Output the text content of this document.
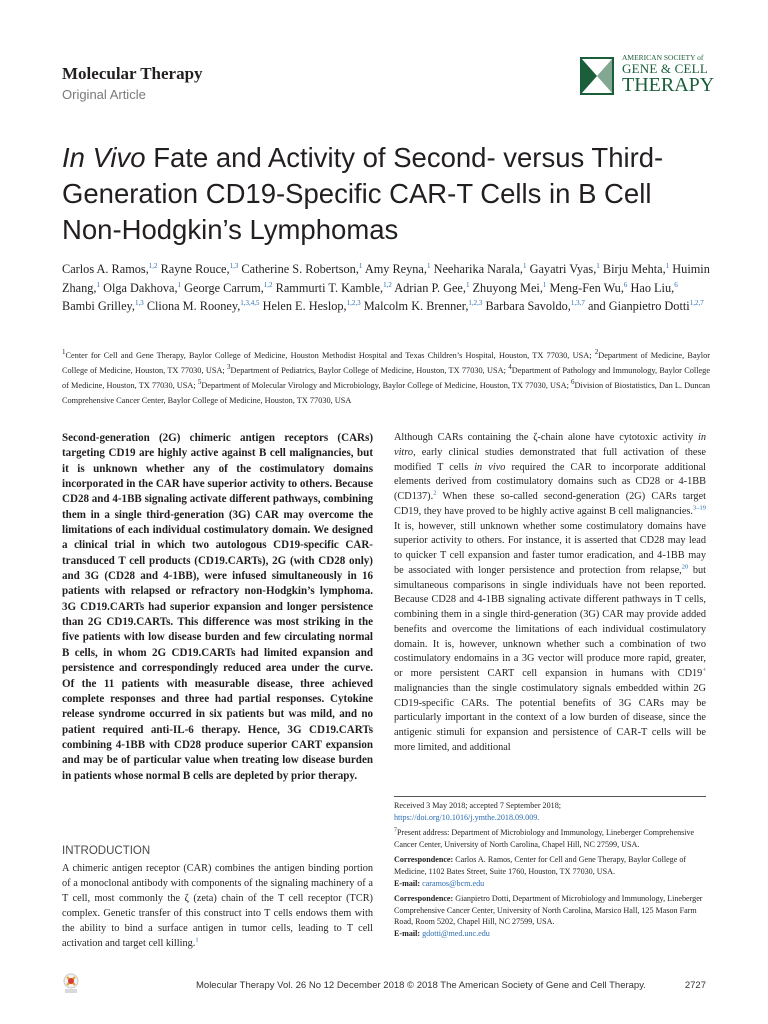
Molecular Therapy
Original Article
AMERICAN SOCIETY of
GENE & CELL
THERAPY
In Vivo Fate and Activity of Second- versus Third-Generation CD19-Specific CAR-T Cells in B Cell Non-Hodgkin’s Lymphomas
Carlos A. Ramos,$^{1,2}$ Rayne Rouce,$^{1,3}$ Catherine S. Robertson,$^1$ Amy Reyna,$^1$ Neeharika Narala,$^1$ Gayatri Vyas,$^1$ Birju Mehta,$^1$ Huimin Zhang,$^1$ Olga Dakhova,$^1$ George Carrum,$^{1,2}$ Rammurti T. Kamble,$^{1,2}$ Adrian P. Gee,$^1$ Zhuyong Mei,$^1$ Meng-Fen Wu,$^6$ Hao Liu,$^6$ Bambi Grilley,$^{1,3}$ Cliona M. Rooney,$^{1,3,4,5}$ Helen E. Heslop,$^{1,2,3}$ Malcolm K. Brenner,$^{1,2,3}$ Barbara Savoldo,$^{1,3,7}$ and Gianpietro Dotti$^{1,2,7}$
$^1$Center for Cell and Gene Therapy, Baylor College of Medicine, Houston Methodist Hospital and Texas Children’s Hospital, Houston, TX 77030, USA; $^2$Department of Medicine, Baylor College of Medicine, Houston, TX 77030, USA; $^3$Department of Pediatrics, Baylor College of Medicine, Houston, TX 77030, USA; $^4$Department of Pathology and Immunology, Baylor College of Medicine, Houston, TX 77030, USA; $^5$Department of Molecular Virology and Microbiology, Baylor College of Medicine, Houston, TX 77030, USA; $^6$Division of Biostatistics, Dan L. Duncan Comprehensive Cancer Center, Baylor College of Medicine, Houston, TX 77030, USA

Second-generation (2G) chimeric antigen receptors (CARs) targeting CD19 are highly active against B cell malignancies, but it is unknown whether any of the costimulatory domains incorporated in the CAR have superior activity to others. Because CD28 and 4-1BB signaling activate different pathways, combining them in a single third-generation (3G) CAR may overcome the limitations of each individual costimulatory domain. We designed a clinical trial in which two autologous CD19-specific CAR-transduced T cell products (CD19.CARTs), 2G (with CD28 only) and 3G (CD28 and 4-1BB), were infused simultaneously in 16 patients with relapsed or refractory non-Hodgkin’s lymphoma. 3G CD19.CARTs had superior expansion and longer persistence than 2G CD19.CARTs. This difference was most striking in the five patients with low disease burden and few circulating normal B cells, in whom 2G CD19.CARTs had limited expansion and persistence and correspondingly reduced area under the curve. Of the 11 patients with measurable disease, three achieved complete responses and three had partial responses. Cytokine release syndrome occurred in six patients but was mild, and no patient required anti-IL-6 therapy. Hence, 3G CD19.CARTs combining 4-1BB with CD28 produce superior CART expansion and may be of particular value when treating low disease burden in patients whose normal B cells are depleted by prior therapy.

INTRODUCTION

A chimeric antigen receptor (CAR) combines the antigen binding portion of a monoclonal antibody with components of the signaling machinery of a T cell, most commonly the ζ (zeta) chain of the T cell receptor (TCR) complex. Genetic transfer of this construct into T cells endows them with the ability to bind a surface antigen in tumor cells, leading to T cell activation and target cell killing.$^1$

Although CARs containing the ζ-chain alone have cytotoxic activity in vitro, early clinical studies demonstrated that full activation of these modified T cells in vivo required the CAR to incorporate additional elements derived from costimulatory domains such as CD28 or 4-1BB (CD137).$^2$ When these so-called second-generation (2G) CARs target CD19, they have proved to be highly active against B cell malignancies.$^{3-19}$ It is, however, still unknown whether some costimulatory domains have superior activity to others. For instance, it is asserted that CD28 may lead to quicker T cell expansion and faster tumor eradication, and 4-1BB may be associated with longer persistence and protection from relapse,$^{20}$ but simultaneous comparisons in single individuals have not been reported. Because CD28 and 4-1BB signaling activate different pathways in T cells, combining them in a single third-generation (3G) CAR may provide added benefits and overcome the limitations of each individual costimulatory domain. It is, however, unknown whether such a combination of two costimulatory endomains in a 3G vector will produce more rapid, greater, or more persistent CART cell expansion in humans with CD19+ malignancies than the single costimulatory signals embedded within 2G CD19-specific CARs. The potential benefits of 3G CARs may be particularly important in the context of a low burden of disease, since the antigenic stimuli for expansion and persistence of CAR-T cells will be more limited, and additional

Received 3 May 2018; accepted 7 September 2018;
https://doi.org/10.1016/j.ymthe.2018.09.009.

$^7$Present address: Department of Microbiology and Immunology, Lineberger Comprehensive Cancer Center, University of North Carolina, Chapel Hill, NC 27599, USA.

Correspondence: Carlos A. Ramos, Center for Cell and Gene Therapy, Baylor College of Medicine, 1102 Bates Street, Suite 1760, Houston, TX 77030, USA.
E-mail: caramos@bcm.edu

Correspondence: Gianpietro Dotti, Department of Microbiology and Immunology, Lineberger Comprehensive Cancer Center, University of North Carolina, Marsico Hall, 125 Mason Farm Road, Room 5202, Chapel Hill, NC 27599, USA.
E-mail: gdotti@med.unc.edu

Molecular Therapy Vol. 26 No 12 December 2018 © 2018 The American Society of Gene and Cell Therapy.	2727
